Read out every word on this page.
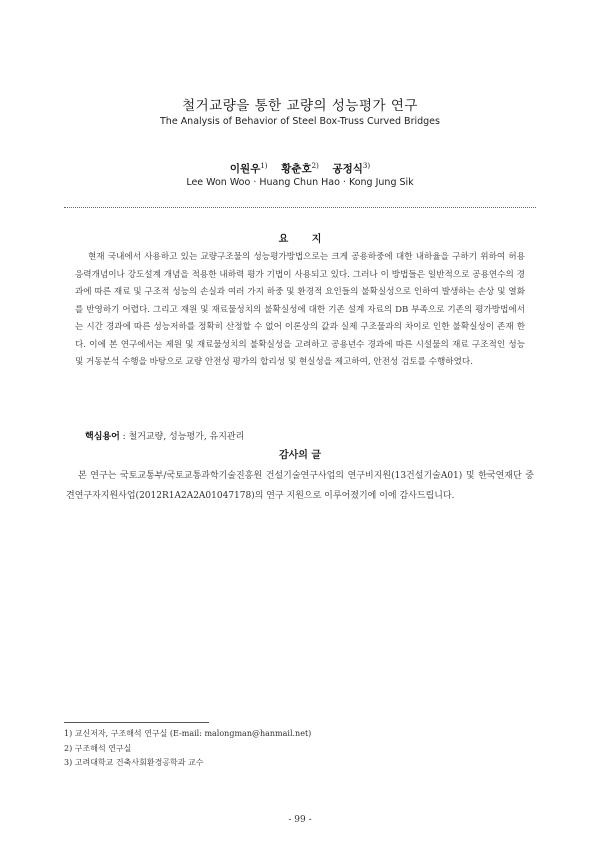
철거교량을 통한 교량의 성능평가 연구
The Analysis of Behavior of Steel Box-Truss Curved Bridges
이원우$^{1)}$ 황춘호$^{2)}$ 공정식$^{3)}$
Lee Won Woo · Huang Chun Hao · Kong Jung Sik
요 지
현재 국내에서 사용하고 있는 교량구조물의 성능평가방법으로는 크게 공용하중에 대한 내하율을 구하기 위하여 허용응력개념이나 강도설계 개념을 적용한 내하력 평가 기법이 사용되고 있다. 그러나 이 방법들은 일반적으로 공용연수의 경과에 따른 재료 및 구조적 성능의 손실과 여러 가지 하중 및 환경적 요인들의 불확실성으로 인하여 발생하는 손상 및 열화를 반영하기 어렵다. 그리고 재원 및 재료물성치의 불확실성에 대한 기존 설계 자료의 DB 부족으로 기존의 평가방법에서는 시간 경과에 따른 성능저하를 정확히 산정할 수 없어 이론상의 값과 실제 구조물과의 차이로 인한 불확실성이 존재 한다. 이에 본 연구에서는 제원 및 재료물성치의 불확실성을 고려하고 공용년수 경과에 따른 시설물의 재료 구조적인 성능 및 거동분석 수행을 바탕으로 교량 안전성 평가의 합리성 및 현실성을 제고하여, 안전성 검토를 수행하였다.
핵심용어 : 철거교량, 성능평가, 유지관리
감사의 글
본 연구는 국토교통부/국토교통과학기술진흥원 건설기술연구사업의 연구비지원(13건설기술A01) 및 한국연재단 중견연구자지원사업(2012R1A2A2A01047178)의 연구 지원으로 이루어졌기에 이에 감사드립니다.
1) 교신저자, 구조해석 연구실 (E-mail: malongman@hanmail.net)
2) 구조해석 연구실
3) 고려대학교 건축사회환경공학과 교수
- 99 -
